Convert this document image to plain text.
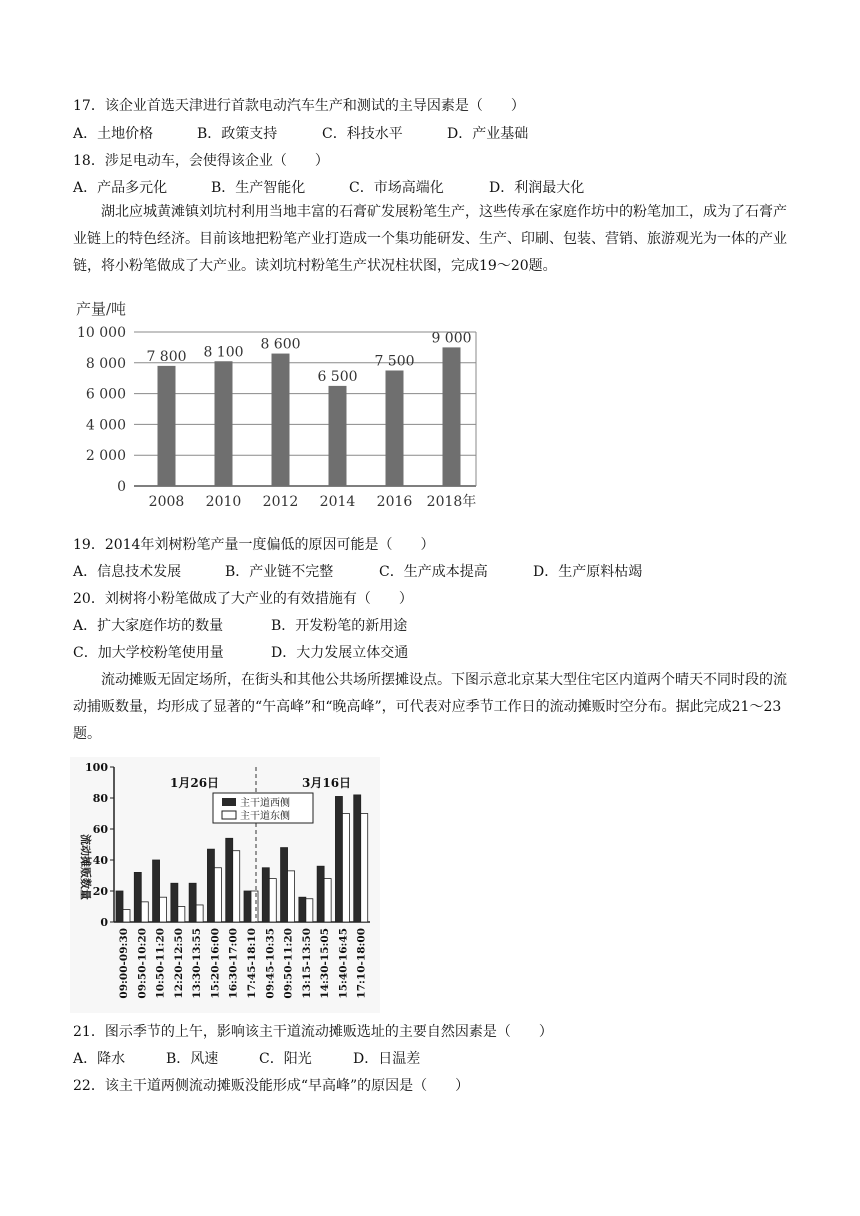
17．该企业首选天津进行首款电动汽车生产和测试的主导因素是（　　）
A．土地价格	B．政策支持	C．科技水平	D．产业基础
18．涉足电动车，会使得该企业（　　）
A．产品多元化	B．生产智能化	C．市场高端化	D．利润最大化
湖北应城黄滩镇刘坑村利用当地丰富的石膏矿发展粉笔生产，这些传承在家庭作坊中的粉笔加工，成为了石膏产业链上的特色经济。目前该地把粉笔产业打造成一个集功能研发、生产、印刷、包装、营销、旅游观光为一体的产业链，将小粉笔做成了大产业。读刘坑村粉笔生产状况柱状图，完成19～20题。
产量/吨
0
2 000
4 000
6 000
8 000
10 000
7 800
2008
8 100
2010
8 600
2012
6 500
2014
7 500
2016
9 000
2018年
19．2014年刘树粉笔产量一度偏低的原因可能是（　　）
A．信息技术发展	B．产业链不完整	C．生产成本提高	D．生产原料枯竭
20．刘树将小粉笔做成了大产业的有效措施有（　　）
A．扩大家庭作坊的数量	B．开发粉笔的新用途
C．加大学校粉笔使用量	D．大力发展立体交通
流动摊贩无固定场所，在街头和其他公共场所摆摊设点。下图示意北京某大型住宅区内道两个晴天不同时段的流动捕贩数量，均形成了显著的“午高峰”和“晚高峰”，可代表对应季节工作日的流动摊贩时空分布。据此完成21～23题。
流动摊贩数量
0
20
40
60
80
100
09:00-09:30 09:50-10:20 10:50-11:20 12:20-12:50 13:30-13:55 15:20-16:00 16:30-17:00 17:45-18:10 09:45-10:35 09:50-11:20 13:15-13:50 14:30-15:05 15:40-16:45 17:10-18:00
1月26日	3月16日
主干道西侧
主干道东侧
21．图示季节的上午，影响该主干道流动摊贩选址的主要自然因素是（　　）
A．降水	B．风速	C．阳光	D．日温差
22．该主干道两侧流动摊贩没能形成“早高峰”的原因是（　　）
